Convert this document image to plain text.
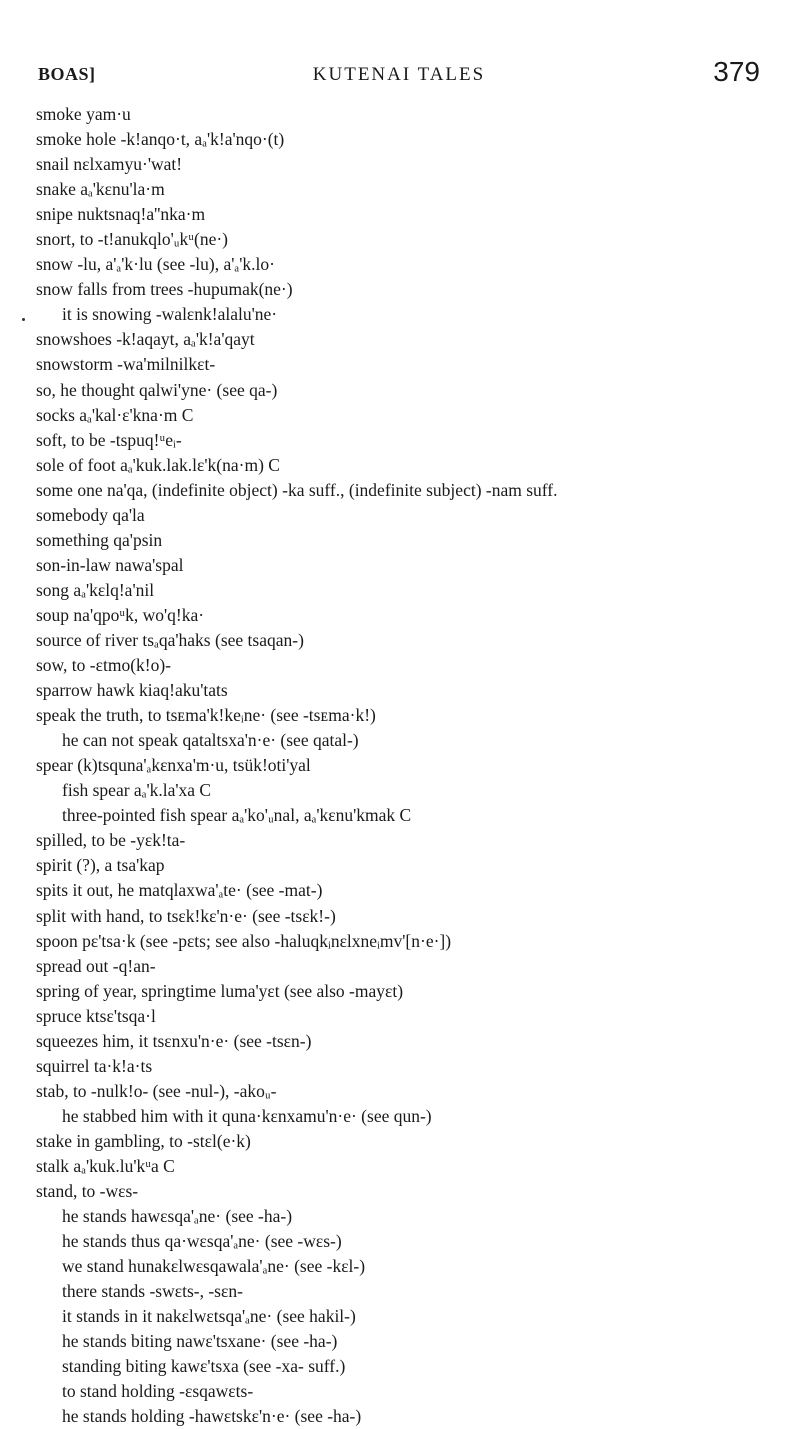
BOAS]	KUTENAI TALES	379
smoke yam·u
smoke hole -k!anqo·t, aₐ'k!a'nqo·(t)
snail nɛlxamyu·'wat!
snake aₐ'kɛnu'la·m
snipe nuktsnaq!a''nka·m
snort, to -t!anukqlo'ᵤkᵘ(ne·)
snow -lu, a'ₐ'k·lu (see -lu), a'ₐ'k.lo·
snow falls from trees -hupumak(ne·)
it is snowing -walɛnk!alalu'ne·
snowshoes -k!aqayt, aₐ'k!a'qayt
snowstorm -wa'milnilkɛt-
so, he thought qalwi'yne· (see qa-)
socks aₐ'kal·ɛ'kna·m C
soft, to be -tspuq!ᵘeᵢ-
sole of foot aₐ'kuk.lak.lɛ'k(na·m) C
some one na'qa, (indefinite object) -ka suff., (indefinite subject) -nam suff.
somebody qa'la
something qa'psin
son-in-law nawa'spal
song aₐ'kɛlq!a'nil
soup na'qpoᵘk, wo'q!ka·
source of river tsₐqa'haks (see tsaqan-)
sow, to -ɛtmo(k!o)-
sparrow hawk kiaq!aku'tats
speak the truth, to tsᴇma'k!keᵢne· (see -tsᴇma·k!)
he can not speak qataltsxa'n·e· (see qatal-)
spear (k)tsquna'ₐkɛnxa'm·u, tsük!oti'yal
fish spear aₐ'k.la'xa C
three-pointed fish spear aₐ'ko'ᵤnal, aₐ'kɛnu'kmak C
spilled, to be -yɛk!ta-
spirit (?), a tsa'kap
spits it out, he matqlaxwa'ₐte· (see -mat-)
split with hand, to tsɛk!kɛ'n·e· (see -tsɛk!-)
spoon pɛ'tsa·k (see -pɛts; see also -haluqkᵢnɛlxneᵢmv'[n·e·])
spread out -q!an-
spring of year, springtime luma'yɛt (see also -mayɛt)
spruce ktsɛ'tsqa·l
squeezes him, it tsɛnxu'n·e· (see -tsɛn-)
squirrel ta·k!a·ts
stab, to -nulk!o- (see -nul-), -akoᵤ-
he stabbed him with it quna·kɛnxamu'n·e· (see qun-)
stake in gambling, to -stɛl(e·k)
stalk aₐ'kuk.lu'kᵘa C
stand, to -wɛs-
he stands hawɛsqa'ₐne· (see -ha-)
he stands thus qa·wɛsqa'ₐne· (see -wɛs-)
we stand hunakɛlwɛsqawala'ₐne· (see -kɛl-)
there stands -swɛts-, -sɛn-
it stands in it nakɛlwɛtsqa'ₐne· (see hakil-)
he stands biting nawɛ'tsxane· (see -ha-)
standing biting kawɛ'tsxa (see -xa- suff.)
to stand holding -ɛsqawɛts-
he stands holding -hawɛtskɛ'n·e· (see -ha-)
